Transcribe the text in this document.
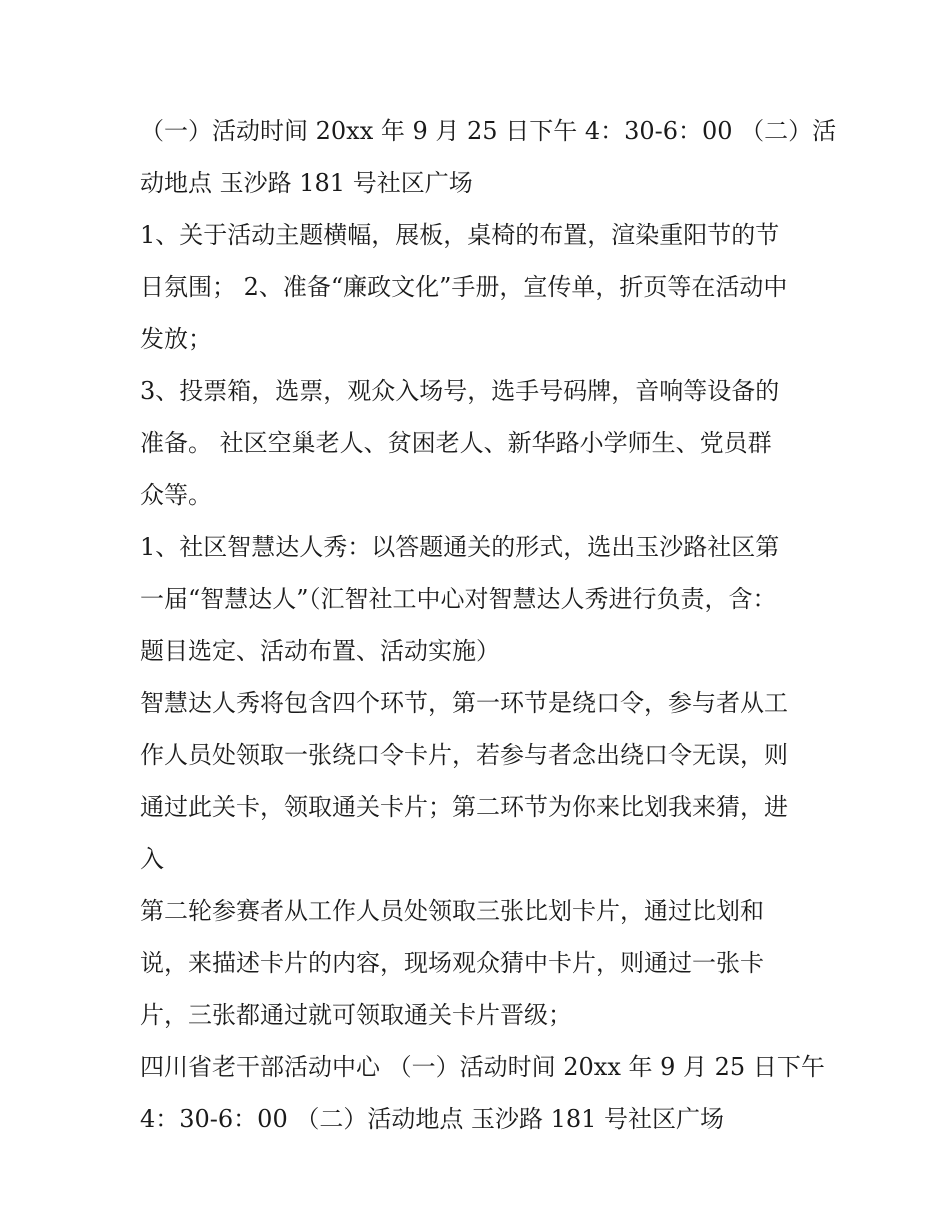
（一）活动时间 20xx 年 9 月 25 日下午 4：30-6：00 （二）活
动地点 玉沙路 181 号社区广场
1、关于活动主题横幅，展板，桌椅的布置，渲染重阳节的节
日氛围； 2、准备“廉政文化”手册，宣传单，折页等在活动中
发放；
3、投票箱，选票，观众入场号，选手号码牌，音响等设备的
准备。 社区空巢老人、贫困老人、新华路小学师生、党员群
众等。
1、社区智慧达人秀：以答题通关的形式，选出玉沙路社区第
一届“智慧达人”（汇智社工中心对智慧达人秀进行负责，含：
题目选定、活动布置、活动实施）
智慧达人秀将包含四个环节，第一环节是绕口令，参与者从工
作人员处领取一张绕口令卡片，若参与者念出绕口令无误，则
通过此关卡，领取通关卡片；第二环节为你来比划我来猜，进
入
第二轮参赛者从工作人员处领取三张比划卡片，通过比划和
说，来描述卡片的内容，现场观众猜中卡片，则通过一张卡
片，三张都通过就可领取通关卡片晋级；
四川省老干部活动中心 （一）活动时间 20xx 年 9 月 25 日下午
4：30-6：00 （二）活动地点 玉沙路 181 号社区广场
